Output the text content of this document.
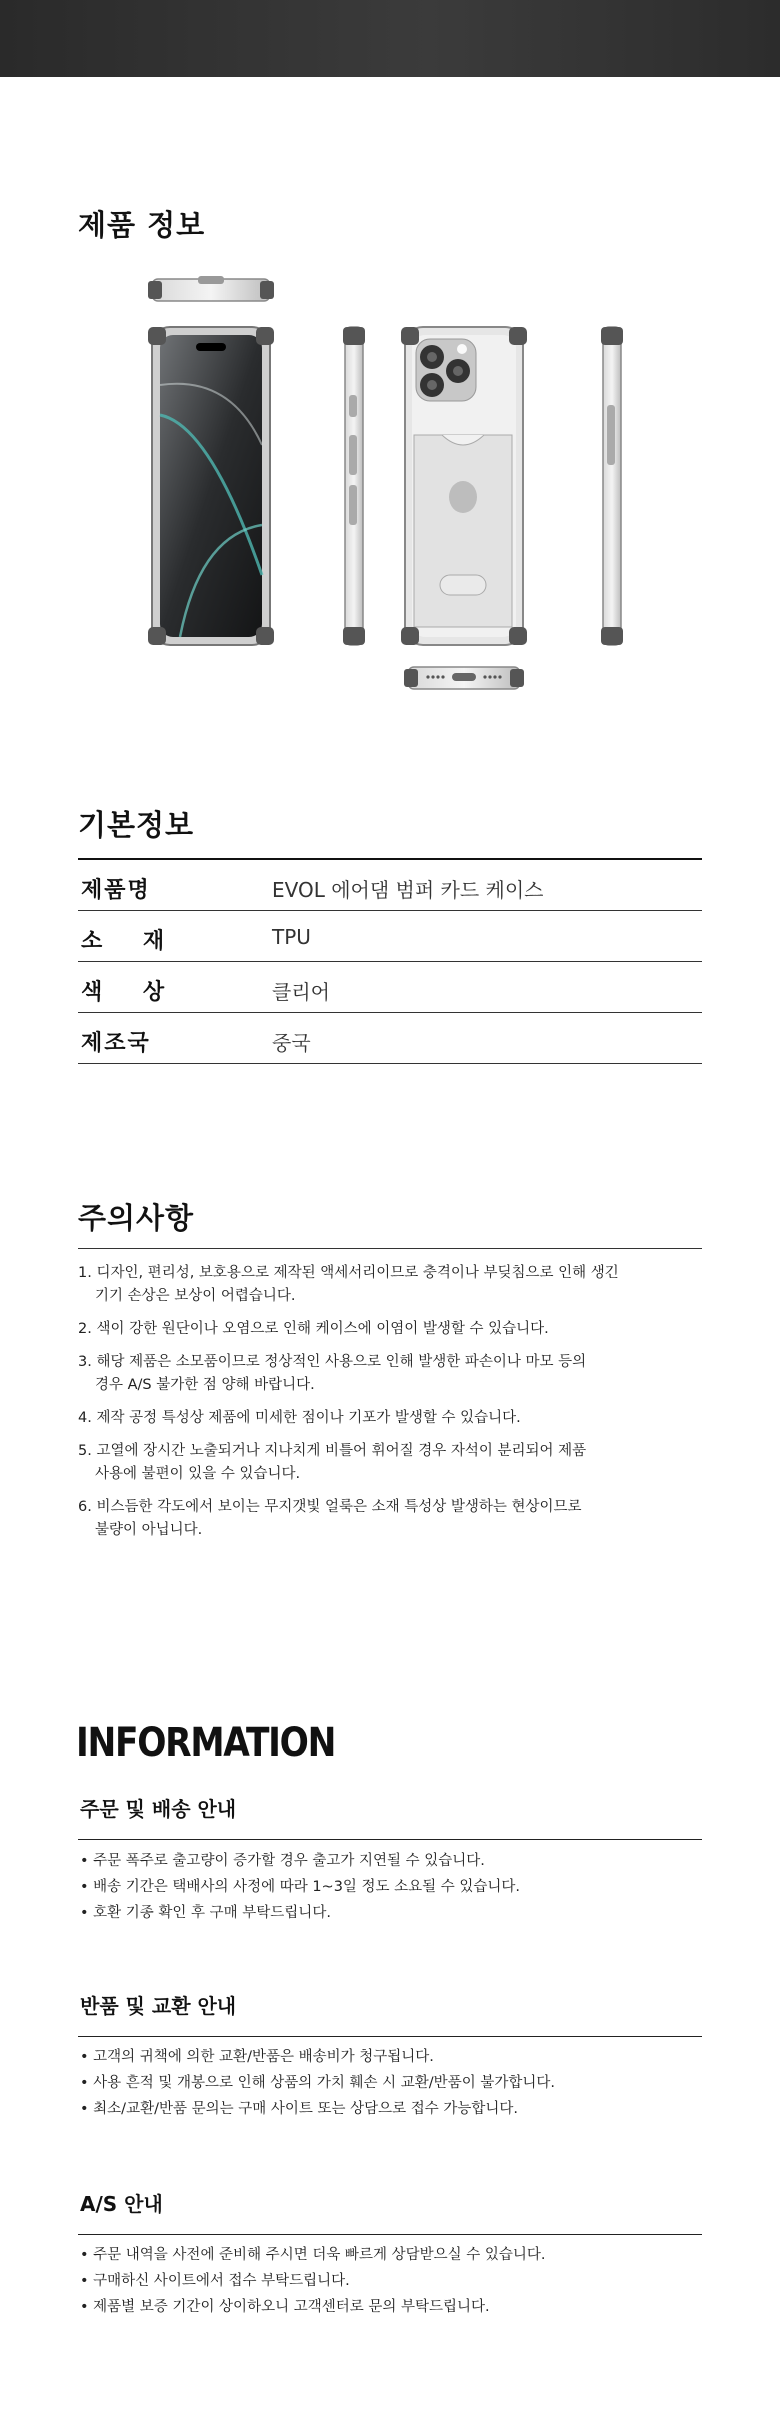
제품 정보
기본정보
제품명	EVOL 에어댐 범퍼 카드 케이스
소    재	TPU
색    상	클리어
제조국	중국
주의사항
1. 디자인, 편리성, 보호용으로 제작된 액세서리이므로 충격이나 부딪침으로 인해 생긴
기기 손상은 보상이 어렵습니다.
2. 색이 강한 원단이나 오염으로 인해 케이스에 이염이 발생할 수 있습니다.
3. 해당 제품은 소모품이므로 정상적인 사용으로 인해 발생한 파손이나 마모 등의
경우 A/S 불가한 점 양해 바랍니다.
4. 제작 공정 특성상 제품에 미세한 점이나 기포가 발생할 수 있습니다.
5. 고열에 장시간 노출되거나 지나치게 비틀어 휘어질 경우 자석이 분리되어 제품
사용에 불편이 있을 수 있습니다.
6. 비스듬한 각도에서 보이는 무지갯빛 얼룩은 소재 특성상 발생하는 현상이므로
불량이 아닙니다.
INFORMATION
주문 및 배송 안내
• 주문 폭주로 출고량이 증가할 경우 출고가 지연될 수 있습니다.
• 배송 기간은 택배사의 사정에 따라 1~3일 정도 소요될 수 있습니다.
• 호환 기종 확인 후 구매 부탁드립니다.
반품 및 교환 안내
• 고객의 귀책에 의한 교환/반품은 배송비가 청구됩니다.
• 사용 흔적 및 개봉으로 인해 상품의 가치 훼손 시 교환/반품이 불가합니다.
• 최소/교환/반품 문의는 구매 사이트 또는 상담으로 접수 가능합니다.
A/S 안내
• 주문 내역을 사전에 준비해 주시면 더욱 빠르게 상담받으실 수 있습니다.
• 구매하신 사이트에서 접수 부탁드립니다.
• 제품별 보증 기간이 상이하오니 고객센터로 문의 부탁드립니다.
